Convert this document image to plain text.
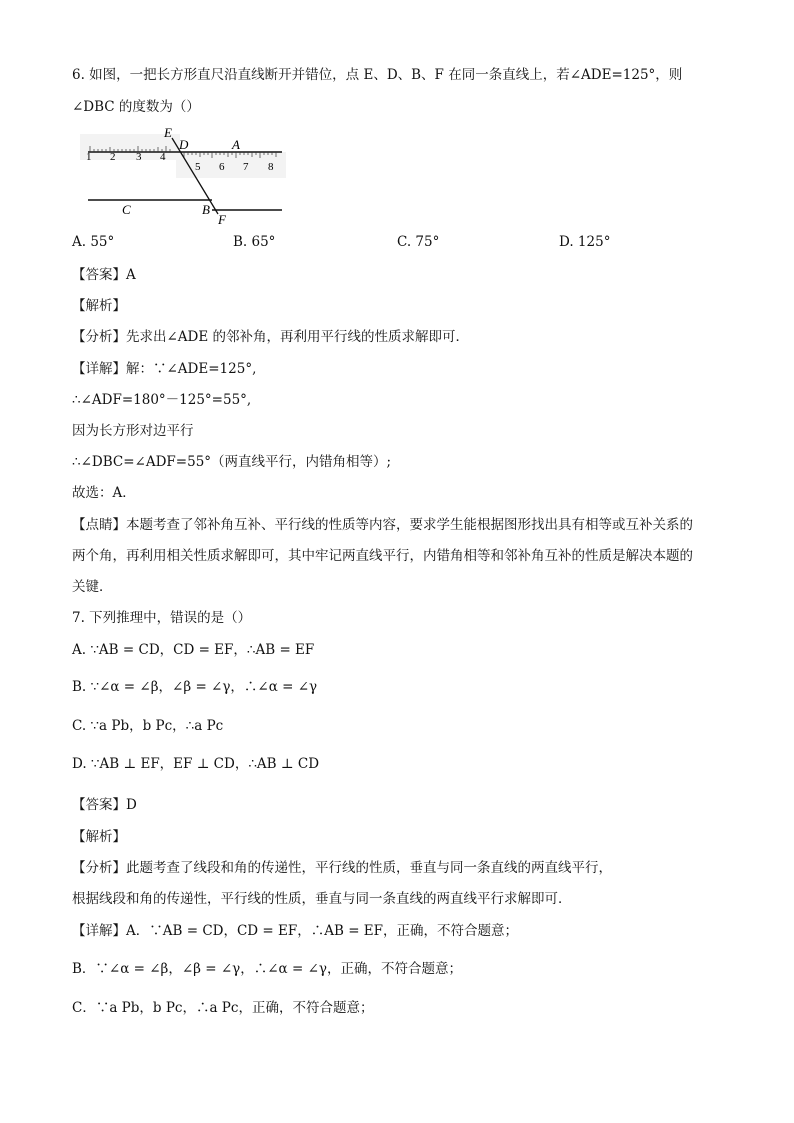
6. 如图，一把长方形直尺沿直线断开并错位，点 E、D、B、F 在同一条直线上，若∠ADE=125°，则
∠DBC 的度数为（）
1 2 3 4
5 6 7 8
E
D	A
C	B
F
A. 55°	B. 65°	C. 75°	D. 125°
【答案】A
【解析】
【分析】先求出∠ADE 的邻补角，再利用平行线的性质求解即可．
【详解】解：∵∠ADE=125°,
∴∠ADF=180°－125°=55°,
因为长方形对边平行
∴∠DBC=∠ADF=55°（两直线平行，内错角相等）;
故选：A．
【点睛】本题考查了邻补角互补、平行线的性质等内容，要求学生能根据图形找出具有相等或互补关系的
两个角，再利用相关性质求解即可，其中牢记两直线平行，内错角相等和邻补角互补的性质是解决本题的
关键．
7. 下列推理中，错误的是（）
A. ∵AB = CD，CD = EF，∴AB = EF
B. ∵∠α = ∠β，∠β = ∠γ，∴∠α = ∠γ
C. ∵a Pb，b Pc，∴a Pc
D. ∵AB ⊥ EF，EF ⊥ CD，∴AB ⊥ CD
【答案】D
【解析】
【分析】此题考查了线段和角的传递性，平行线的性质，垂直与同一条直线的两直线平行，
根据线段和角的传递性，平行线的性质，垂直与同一条直线的两直线平行求解即可．
【详解】A．∵AB = CD，CD = EF，∴AB = EF，正确，不符合题意；
B．∵∠α = ∠β，∠β = ∠γ，∴∠α = ∠γ，正确，不符合题意；
C．∵a Pb，b Pc，∴a Pc，正确，不符合题意；
